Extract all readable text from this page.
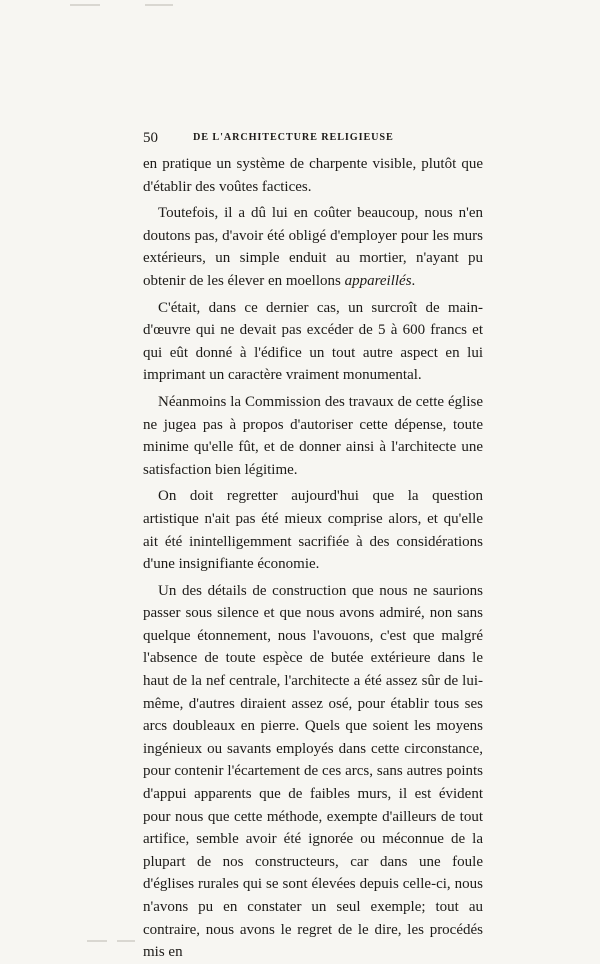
50	DE L'ARCHITECTURE RELIGIEUSE

en pratique un système de charpente visible, plutôt que d'établir des voûtes factices.

Toutefois, il a dû lui en coûter beaucoup, nous n'en doutons pas, d'avoir été obligé d'employer pour les murs extérieurs, un simple enduit au mortier, n'ayant pu obtenir de les élever en moellons appareillés.

C'était, dans ce dernier cas, un surcroît de main-d'œuvre qui ne devait pas excéder de 5 à 600 francs et qui eût donné à l'édifice un tout autre aspect en lui imprimant un caractère vraiment monumental.

Néanmoins la Commission des travaux de cette église ne jugea pas à propos d'autoriser cette dépense, toute minime qu'elle fût, et de donner ainsi à l'architecte une satisfaction bien légitime.

On doit regretter aujourd'hui que la question artistique n'ait pas été mieux comprise alors, et qu'elle ait été inintelligemment sacrifiée à des considérations d'une insignifiante économie.

Un des détails de construction que nous ne saurions passer sous silence et que nous avons admiré, non sans quelque étonnement, nous l'avouons, c'est que malgré l'absence de toute espèce de butée extérieure dans le haut de la nef centrale, l'architecte a été assez sûr de lui-même, d'autres diraient assez osé, pour établir tous ses arcs doubleaux en pierre. Quels que soient les moyens ingénieux ou savants employés dans cette circonstance, pour contenir l'écartement de ces arcs, sans autres points d'appui apparents que de faibles murs, il est évident pour nous que cette méthode, exempte d'ailleurs de tout artifice, semble avoir été ignorée ou méconnue de la plupart de nos constructeurs, car dans une foule d'églises rurales qui se sont élevées depuis celle-ci, nous n'avons pu en constater un seul exemple; tout au contraire, nous avons le regret de le dire, les procédés mis en
